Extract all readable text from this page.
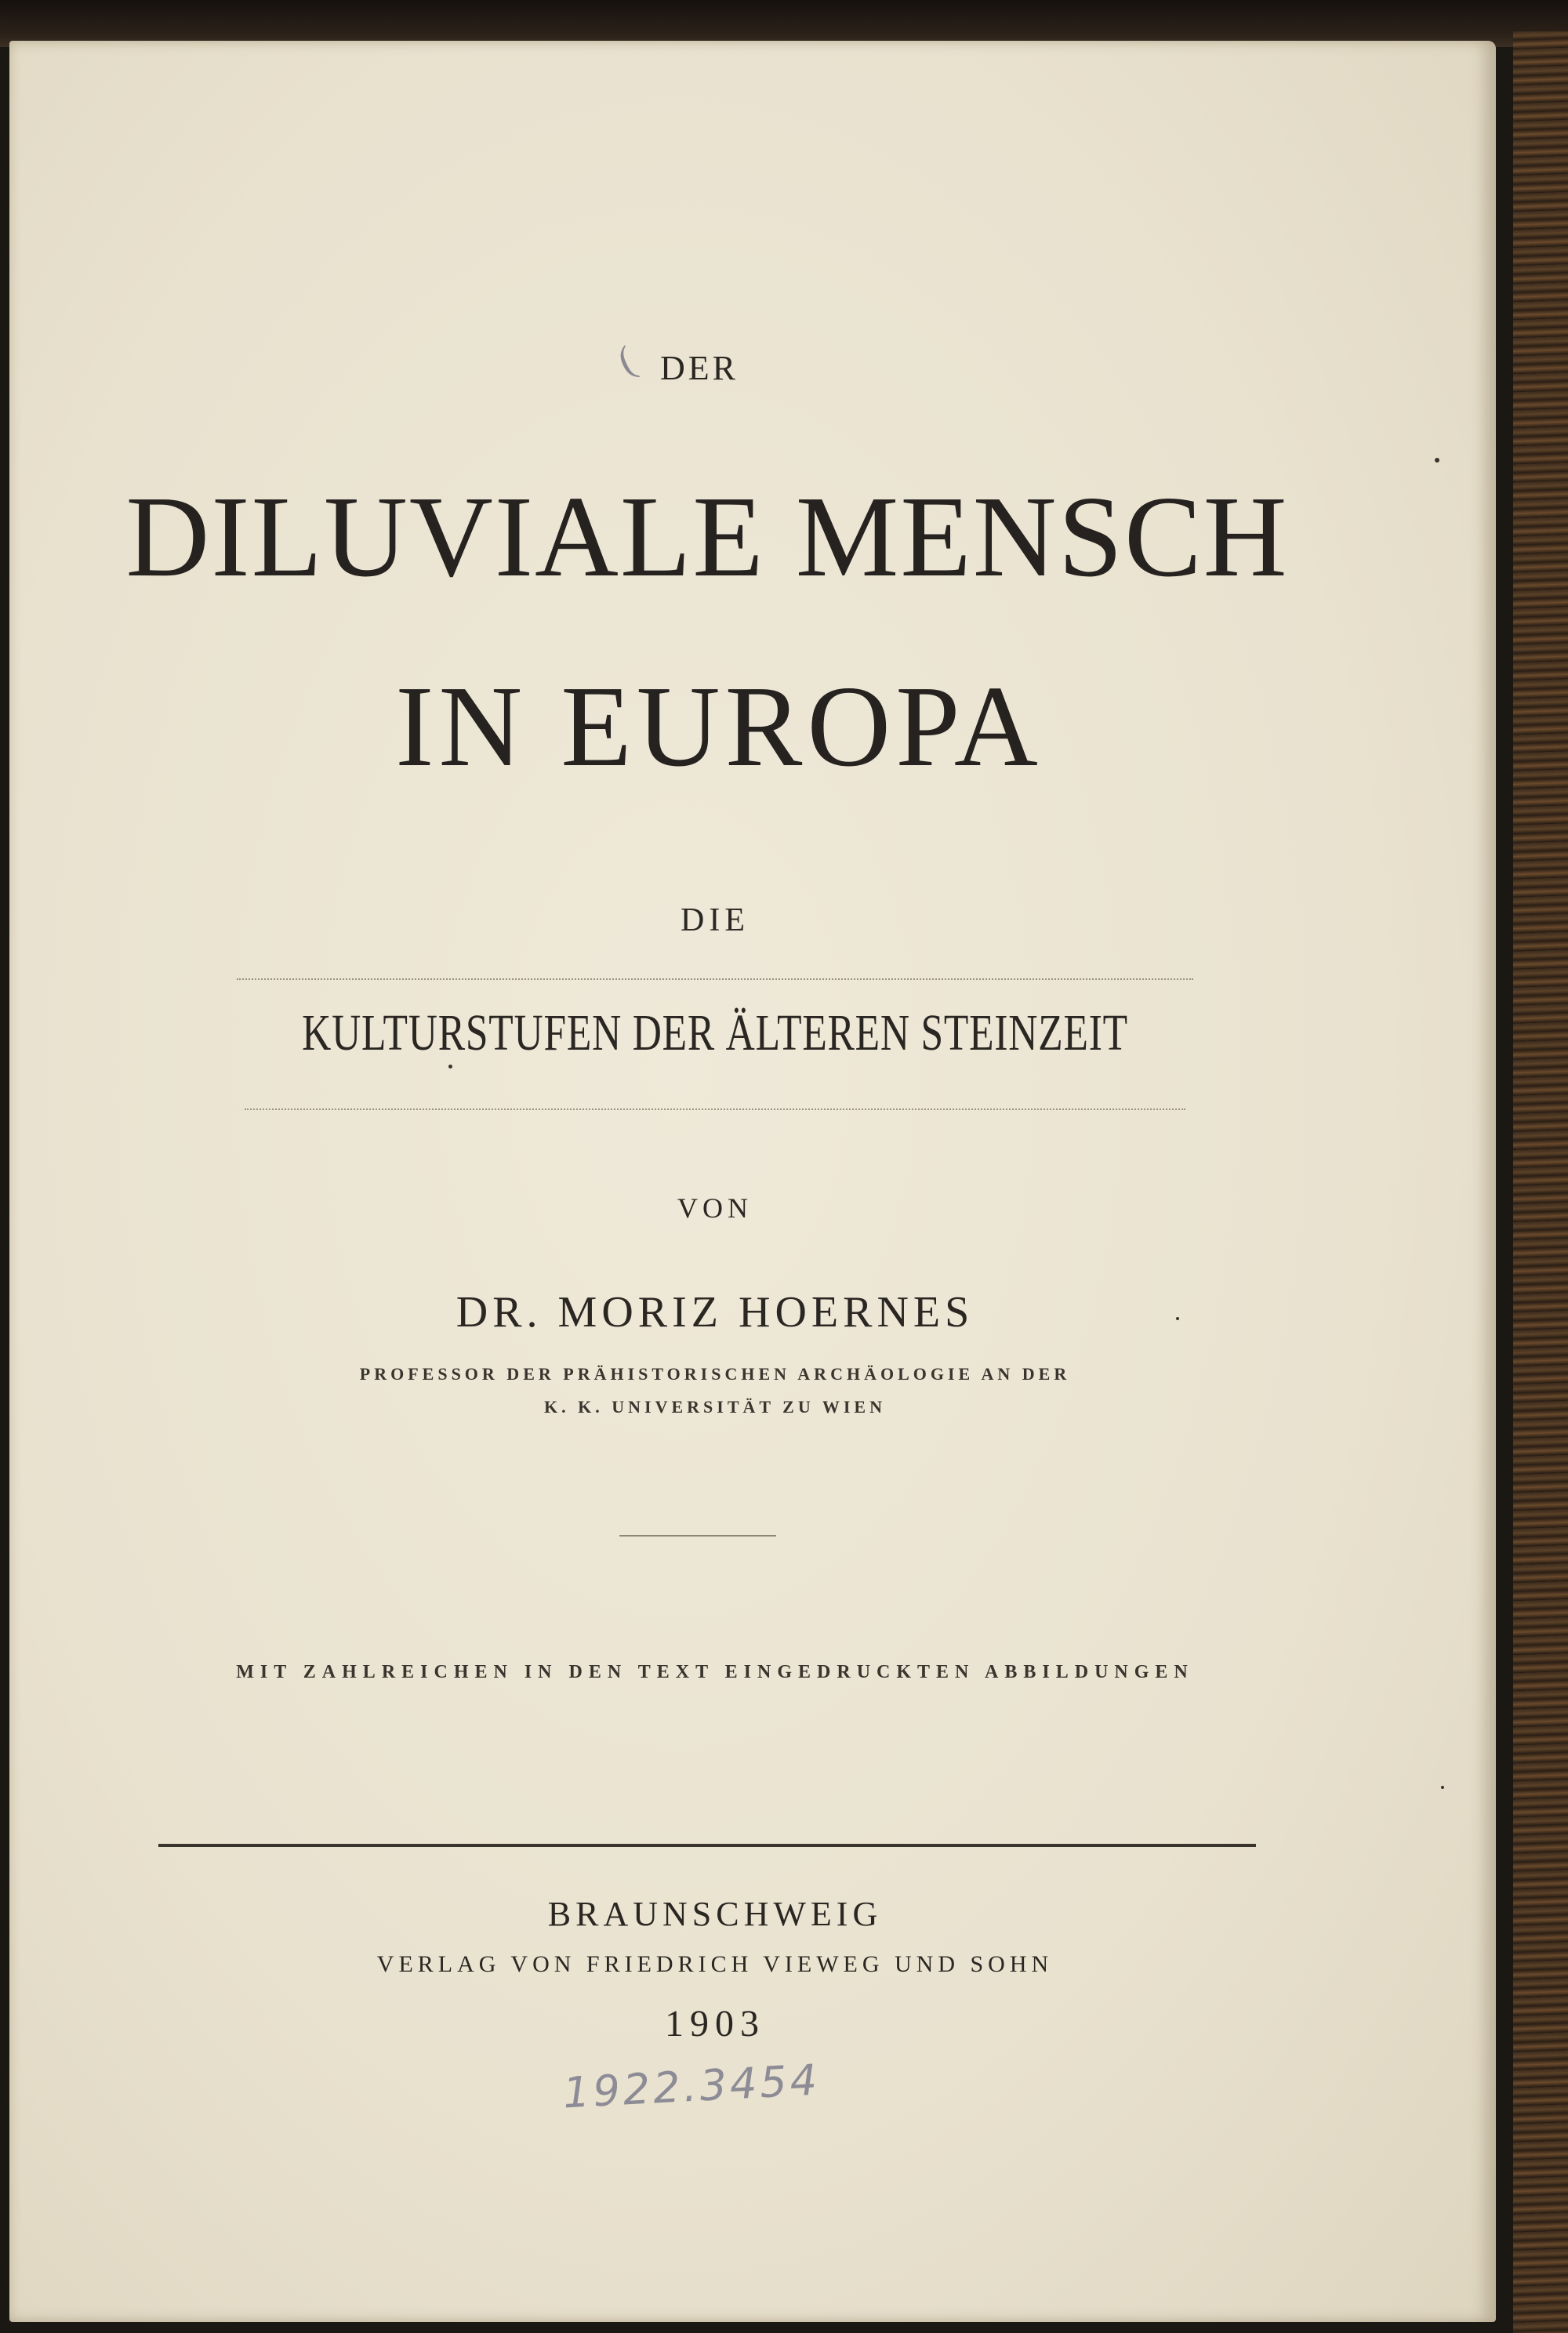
( DER
DILUVIALE MENSCH
IN EUROPA
DIE
KULTURSTUFEN DER ÄLTEREN STEINZEIT
VON
DR. MORIZ HOERNES
PROFESSOR DER PRÄHISTORISCHEN ARCHÄOLOGIE AN DER
K. K. UNIVERSITÄT ZU WIEN
MIT ZAHLREICHEN IN DEN TEXT EINGEDRUCKTEN ABBILDUNGEN
BRAUNSCHWEIG
VERLAG VON FRIEDRICH VIEWEG UND SOHN
1903
1922.3454
